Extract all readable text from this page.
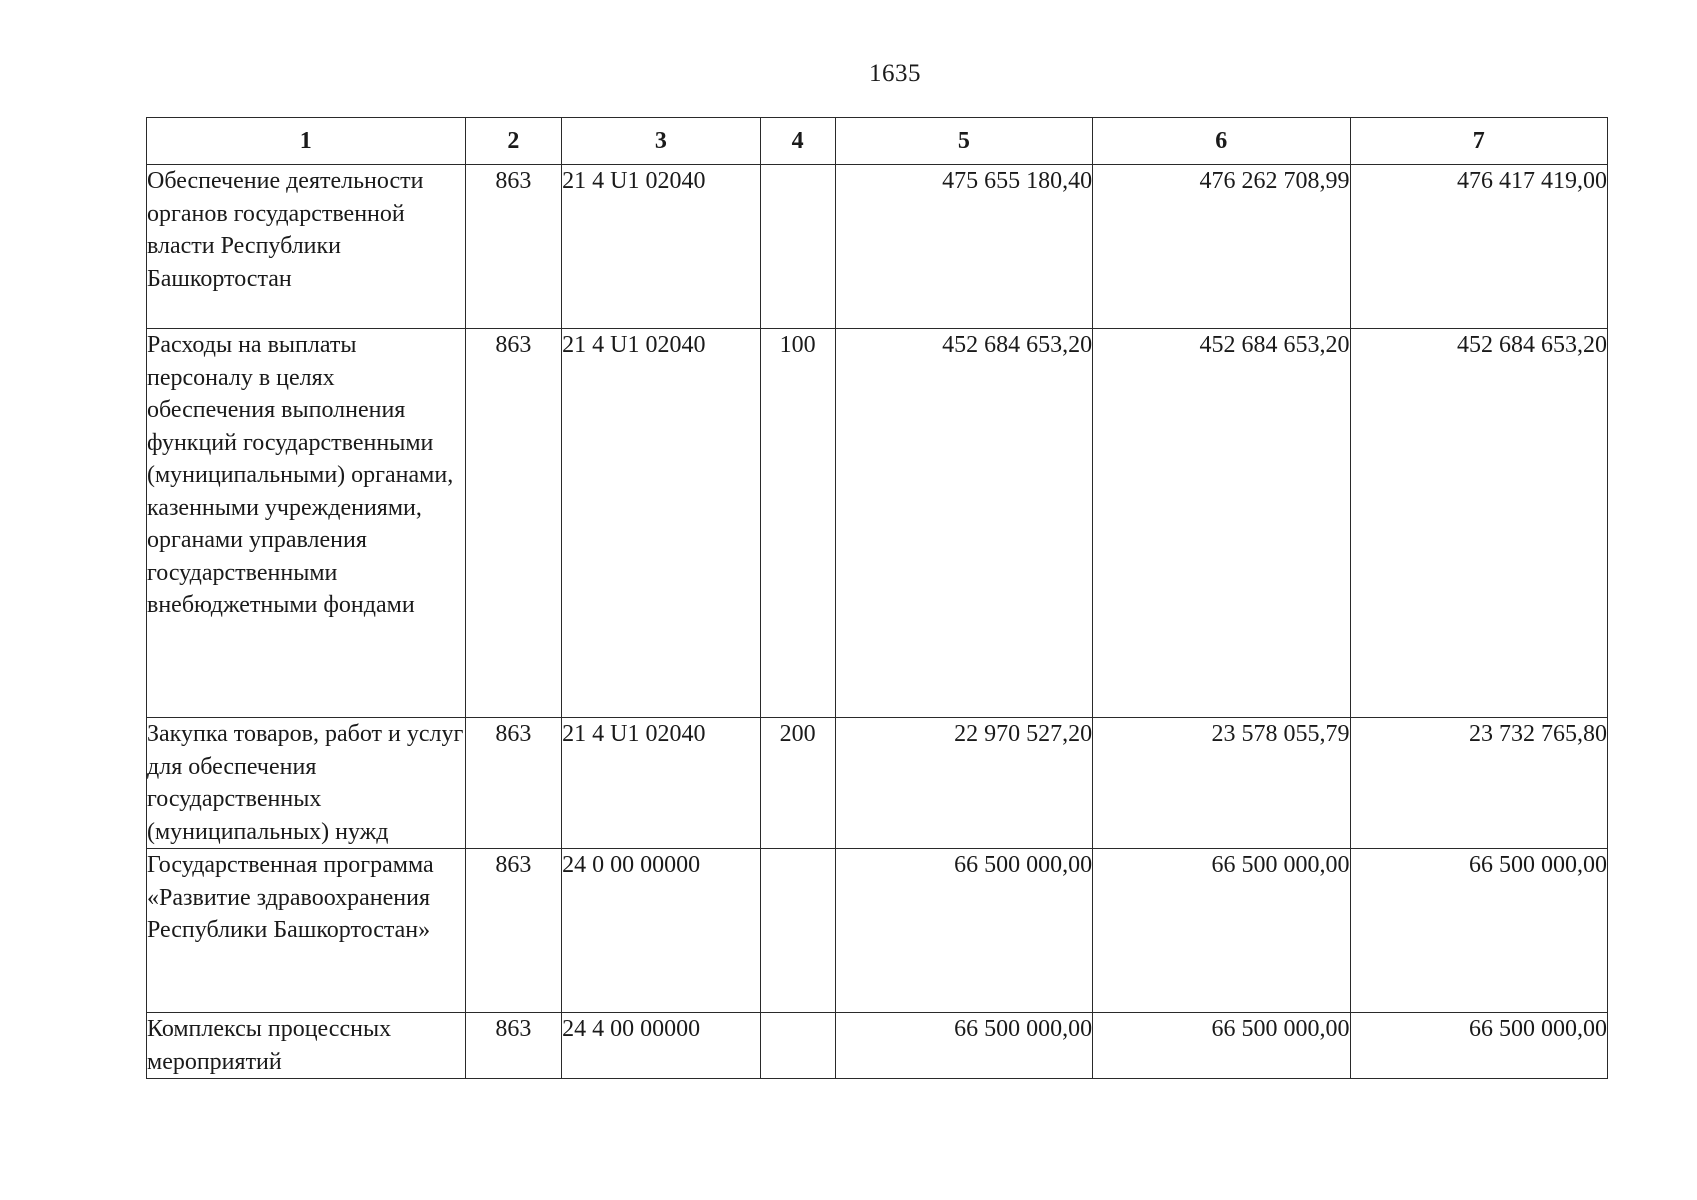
1635
1	2	3	4	5	6	7
Обеспечение деятельности органов государственной власти Республики Башкортостан	863	21 4 U1 02040		475 655 180,40	476 262 708,99	476 417 419,00
Расходы на выплаты персоналу в целях обеспечения выполнения функций государственными (муниципальными) органами, казенными учреждениями, органами управления государственными внебюджетными фондами	863	21 4 U1 02040	100	452 684 653,20	452 684 653,20	452 684 653,20
Закупка товаров, работ и услуг для обеспечения государственных (муниципальных) нужд	863	21 4 U1 02040	200	22 970 527,20	23 578 055,79	23 732 765,80
Государственная программа «Развитие здравоохранения Республики Башкортостан»	863	24 0 00 00000		66 500 000,00	66 500 000,00	66 500 000,00
Комплексы процессных мероприятий	863	24 4 00 00000		66 500 000,00	66 500 000,00	66 500 000,00
